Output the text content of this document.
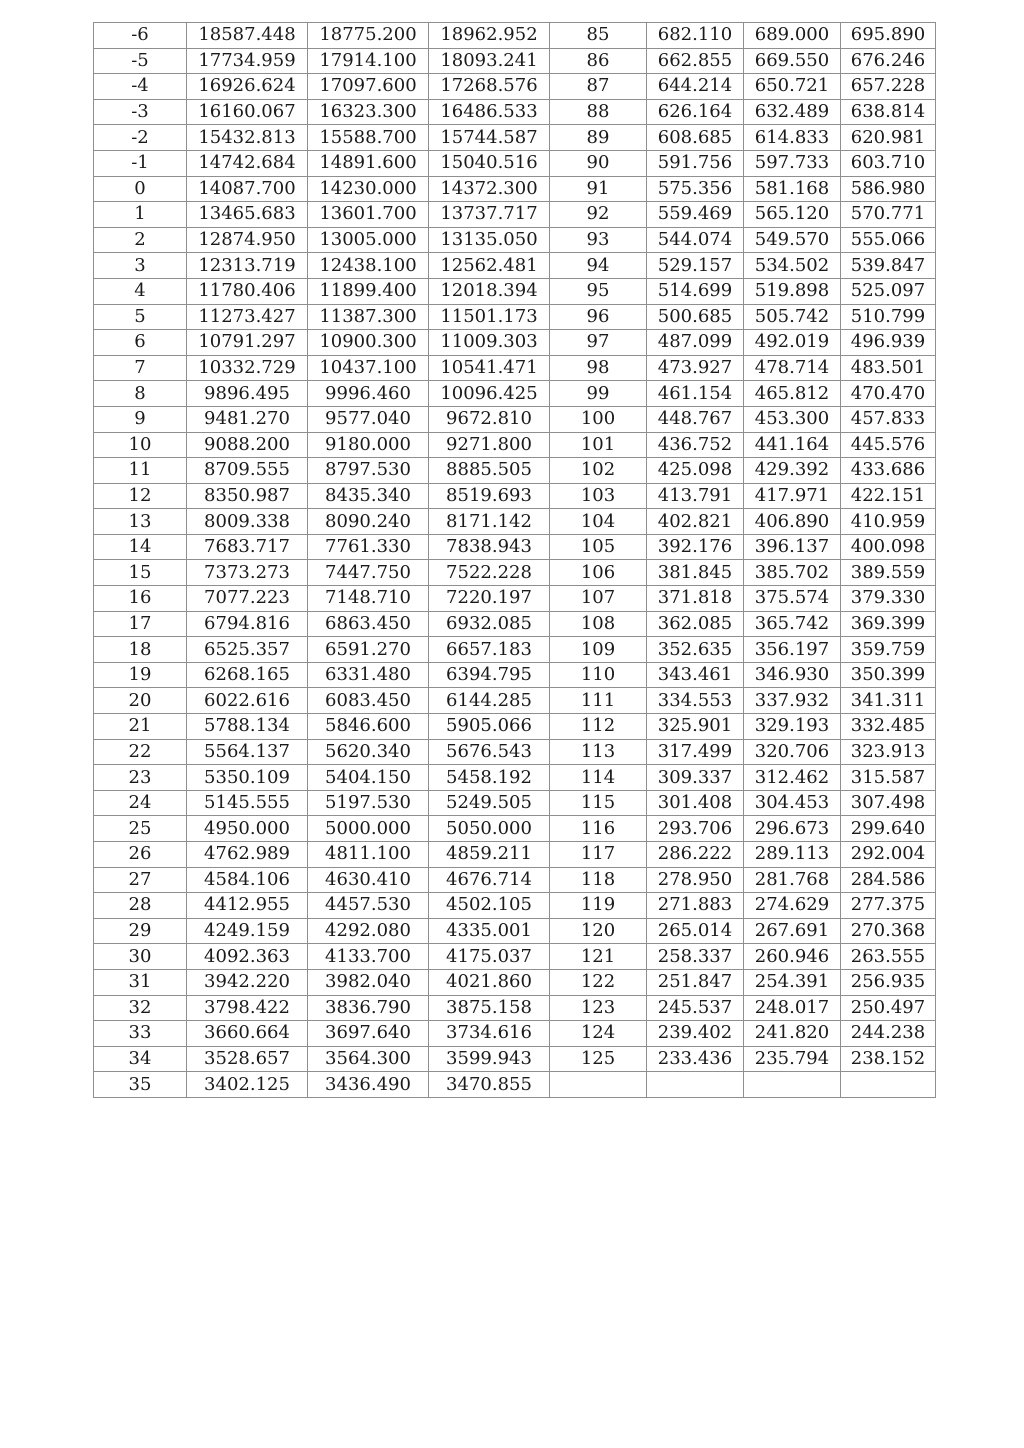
-6	18587.448	18775.200	18962.952	85	682.110	689.000	695.890
-5	17734.959	17914.100	18093.241	86	662.855	669.550	676.246
-4	16926.624	17097.600	17268.576	87	644.214	650.721	657.228
-3	16160.067	16323.300	16486.533	88	626.164	632.489	638.814
-2	15432.813	15588.700	15744.587	89	608.685	614.833	620.981
-1	14742.684	14891.600	15040.516	90	591.756	597.733	603.710
0	14087.700	14230.000	14372.300	91	575.356	581.168	586.980
1	13465.683	13601.700	13737.717	92	559.469	565.120	570.771
2	12874.950	13005.000	13135.050	93	544.074	549.570	555.066
3	12313.719	12438.100	12562.481	94	529.157	534.502	539.847
4	11780.406	11899.400	12018.394	95	514.699	519.898	525.097
5	11273.427	11387.300	11501.173	96	500.685	505.742	510.799
6	10791.297	10900.300	11009.303	97	487.099	492.019	496.939
7	10332.729	10437.100	10541.471	98	473.927	478.714	483.501
8	9896.495	9996.460	10096.425	99	461.154	465.812	470.470
9	9481.270	9577.040	9672.810	100	448.767	453.300	457.833
10	9088.200	9180.000	9271.800	101	436.752	441.164	445.576
11	8709.555	8797.530	8885.505	102	425.098	429.392	433.686
12	8350.987	8435.340	8519.693	103	413.791	417.971	422.151
13	8009.338	8090.240	8171.142	104	402.821	406.890	410.959
14	7683.717	7761.330	7838.943	105	392.176	396.137	400.098
15	7373.273	7447.750	7522.228	106	381.845	385.702	389.559
16	7077.223	7148.710	7220.197	107	371.818	375.574	379.330
17	6794.816	6863.450	6932.085	108	362.085	365.742	369.399
18	6525.357	6591.270	6657.183	109	352.635	356.197	359.759
19	6268.165	6331.480	6394.795	110	343.461	346.930	350.399
20	6022.616	6083.450	6144.285	111	334.553	337.932	341.311
21	5788.134	5846.600	5905.066	112	325.901	329.193	332.485
22	5564.137	5620.340	5676.543	113	317.499	320.706	323.913
23	5350.109	5404.150	5458.192	114	309.337	312.462	315.587
24	5145.555	5197.530	5249.505	115	301.408	304.453	307.498
25	4950.000	5000.000	5050.000	116	293.706	296.673	299.640
26	4762.989	4811.100	4859.211	117	286.222	289.113	292.004
27	4584.106	4630.410	4676.714	118	278.950	281.768	284.586
28	4412.955	4457.530	4502.105	119	271.883	274.629	277.375
29	4249.159	4292.080	4335.001	120	265.014	267.691	270.368
30	4092.363	4133.700	4175.037	121	258.337	260.946	263.555
31	3942.220	3982.040	4021.860	122	251.847	254.391	256.935
32	3798.422	3836.790	3875.158	123	245.537	248.017	250.497
33	3660.664	3697.640	3734.616	124	239.402	241.820	244.238
34	3528.657	3564.300	3599.943	125	233.436	235.794	238.152
35	3402.125	3436.490	3470.855				
